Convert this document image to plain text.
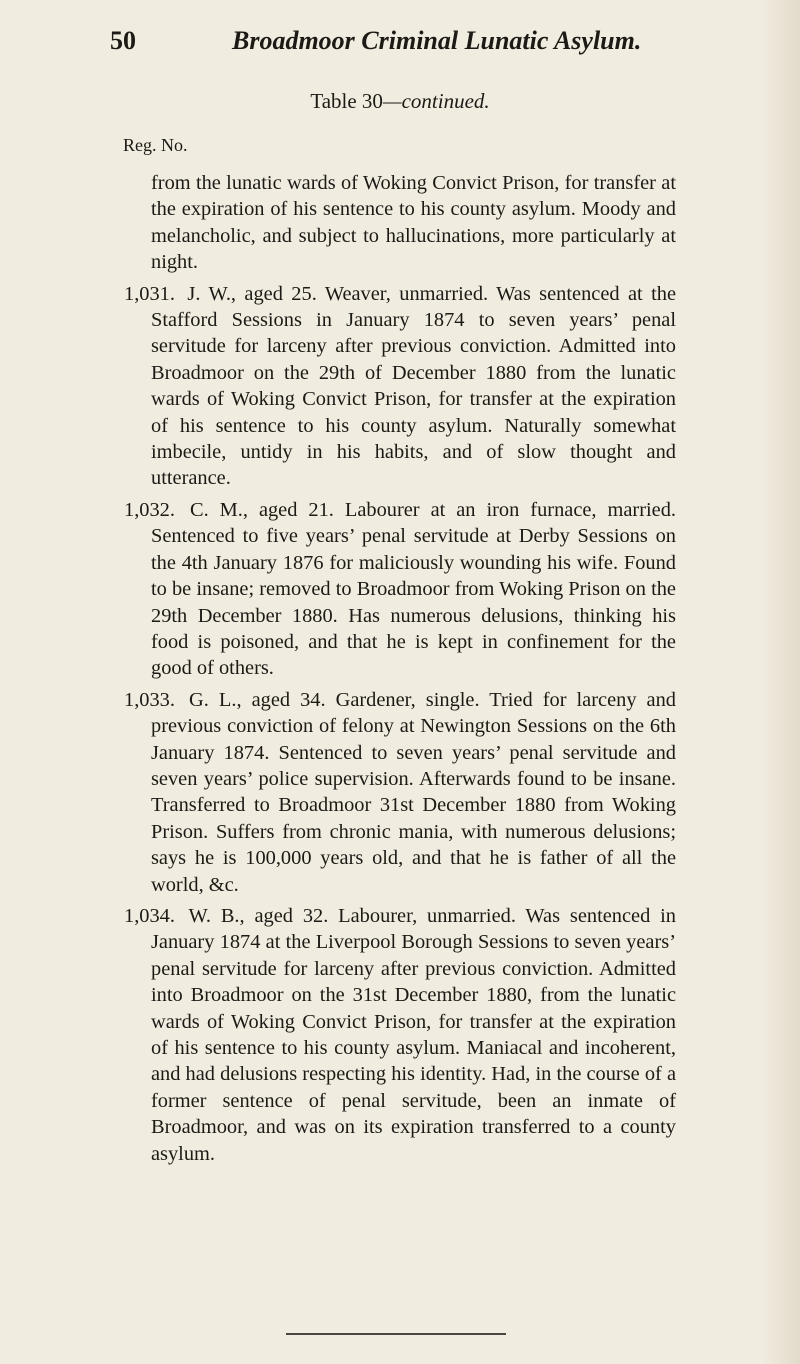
50	Broadmoor Criminal Lunatic Asylum.
Table 30—continued.
Reg. No.

from the lunatic wards of Woking Convict Prison, for transfer at the expiration of his sentence to his county asylum. Moody and melancholic, and subject to hallucinations, more particularly at night.

1,031. J. W., aged 25. Weaver, unmarried. Was sentenced at the Stafford Sessions in January 1874 to seven years’ penal servitude for larceny after previous conviction. Admitted into Broadmoor on the 29th of December 1880 from the lunatic wards of Woking Convict Prison, for transfer at the expiration of his sentence to his county asylum. Naturally somewhat imbecile, untidy in his habits, and of slow thought and utterance.

1,032. C. M., aged 21. Labourer at an iron furnace, married. Sentenced to five years’ penal servitude at Derby Sessions on the 4th January 1876 for maliciously wounding his wife. Found to be insane; removed to Broadmoor from Woking Prison on the 29th December 1880. Has numerous delusions, thinking his food is poisoned, and that he is kept in confinement for the good of others.

1,033. G. L., aged 34. Gardener, single. Tried for larceny and previous conviction of felony at Newington Sessions on the 6th January 1874. Sentenced to seven years’ penal servitude and seven years’ police supervision. Afterwards found to be insane. Transferred to Broadmoor 31st December 1880 from Woking Prison. Suffers from chronic mania, with numerous delusions; says he is 100,000 years old, and that he is father of all the world, &c.

1,034. W. B., aged 32. Labourer, unmarried. Was sentenced in January 1874 at the Liverpool Borough Sessions to seven years’ penal servitude for larceny after previous conviction. Admitted into Broadmoor on the 31st December 1880, from the lunatic wards of Woking Convict Prison, for transfer at the expiration of his sentence to his county asylum. Maniacal and incoherent, and had delusions respecting his identity. Had, in the course of a former sentence of penal servitude, been an inmate of Broadmoor, and was on its expiration transferred to a county asylum.
